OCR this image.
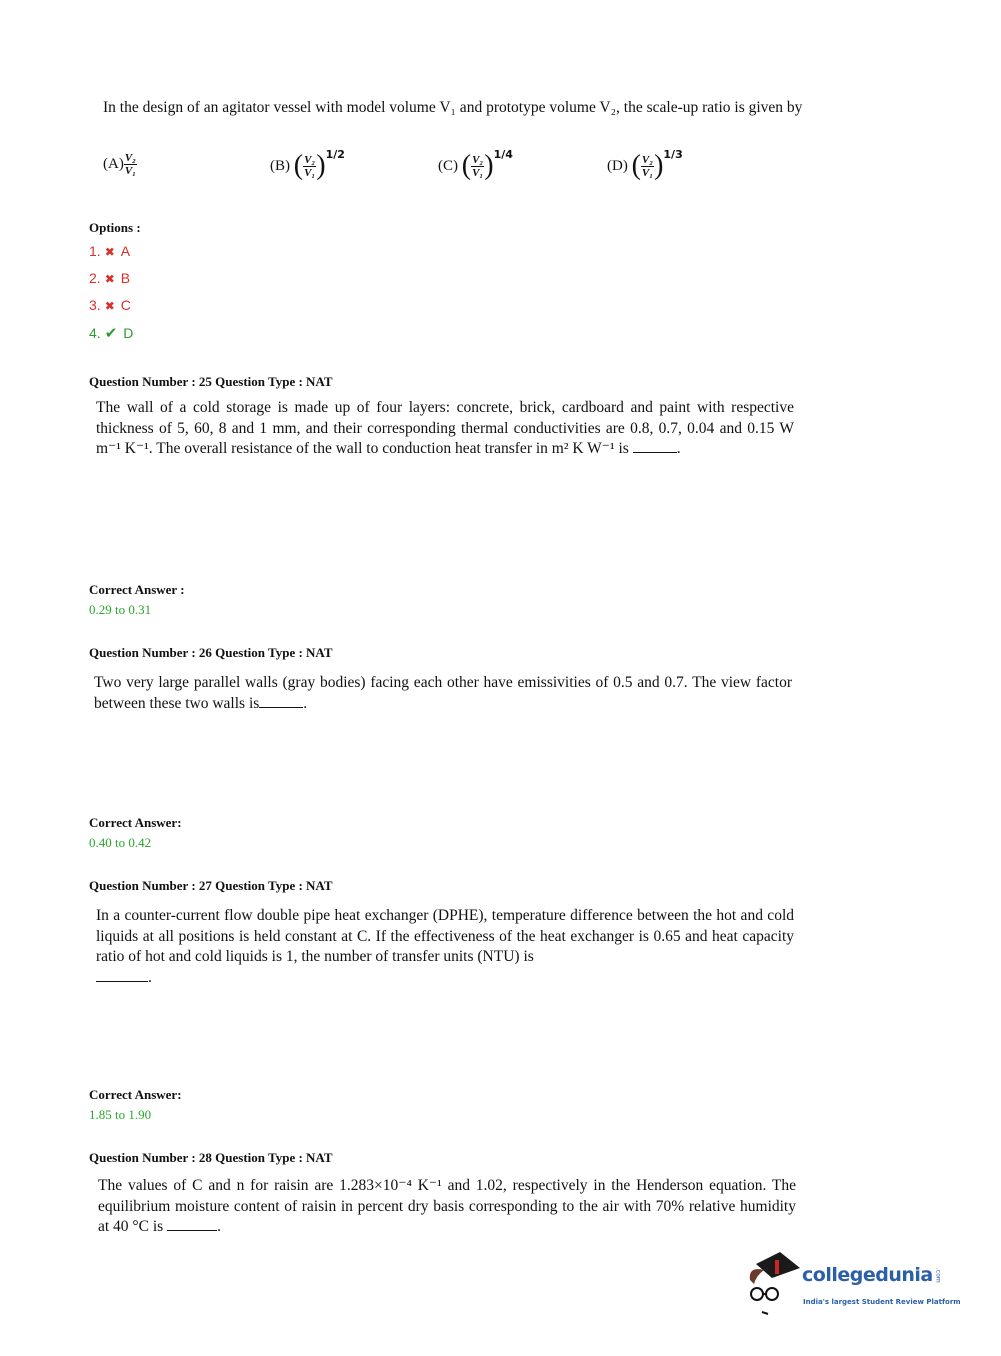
In the design of an agitator vessel with model volume V₁ and prototype volume V₂, the scale-up ratio is given by
$(A) \frac{\text{V₂}}{\text{V₁}}$	(B)
( $\frac{\text{V₂}}{\text{V₁}}$ ) 1/2
(C)
( $\frac{\text{V₂}}{\text{V₁}}$ ) 1/4
(D)
( $\frac{\text{V₂}}{\text{V₁}}$ ) 1/3
Options :
1. ✖ A
2. ✖ B
3. ✖ C
4. ✔ D
Question Number : 25 Question Type : NAT
The wall of a cold storage is made up of four layers: concrete, brick, cardboard and paint with respective thickness of 5, 60, 8 and 1 mm, and their corresponding thermal conductivities are 0.8, 0.7, 0.04 and 0.15 W m⁻¹ K⁻¹. The overall resistance of the wall to conduction heat transfer in m² K W⁻¹ is	.
Correct Answer :
0.29 to 0.31
Question Number : 26 Question Type : NAT
Two very large parallel walls (gray bodies) facing each other have emissivities of 0.5 and 0.7. The view factor between these two walls is	.
Correct Answer:
0.40 to 0.42
Question Number : 27 Question Type : NAT
In a counter-current flow double pipe heat exchanger (DPHE), temperature difference between the hot and cold liquids at all positions is held constant at C. If the effectiveness of the heat exchanger is 0.65 and heat capacity ratio of hot and cold liquids is 1, the number of transfer units (NTU) is
.
Correct Answer:
1.85 to 1.90
Question Number : 28 Question Type : NAT
The values of C and n for raisin are 1.283×10⁻⁴ K⁻¹ and 1.02, respectively in the Henderson equation. The equilibrium moisture content of raisin in percent dry basis corresponding to the air with 70% relative humidity at 40 °C is	.
collegedunia .com
India's largest Student Review Platform
